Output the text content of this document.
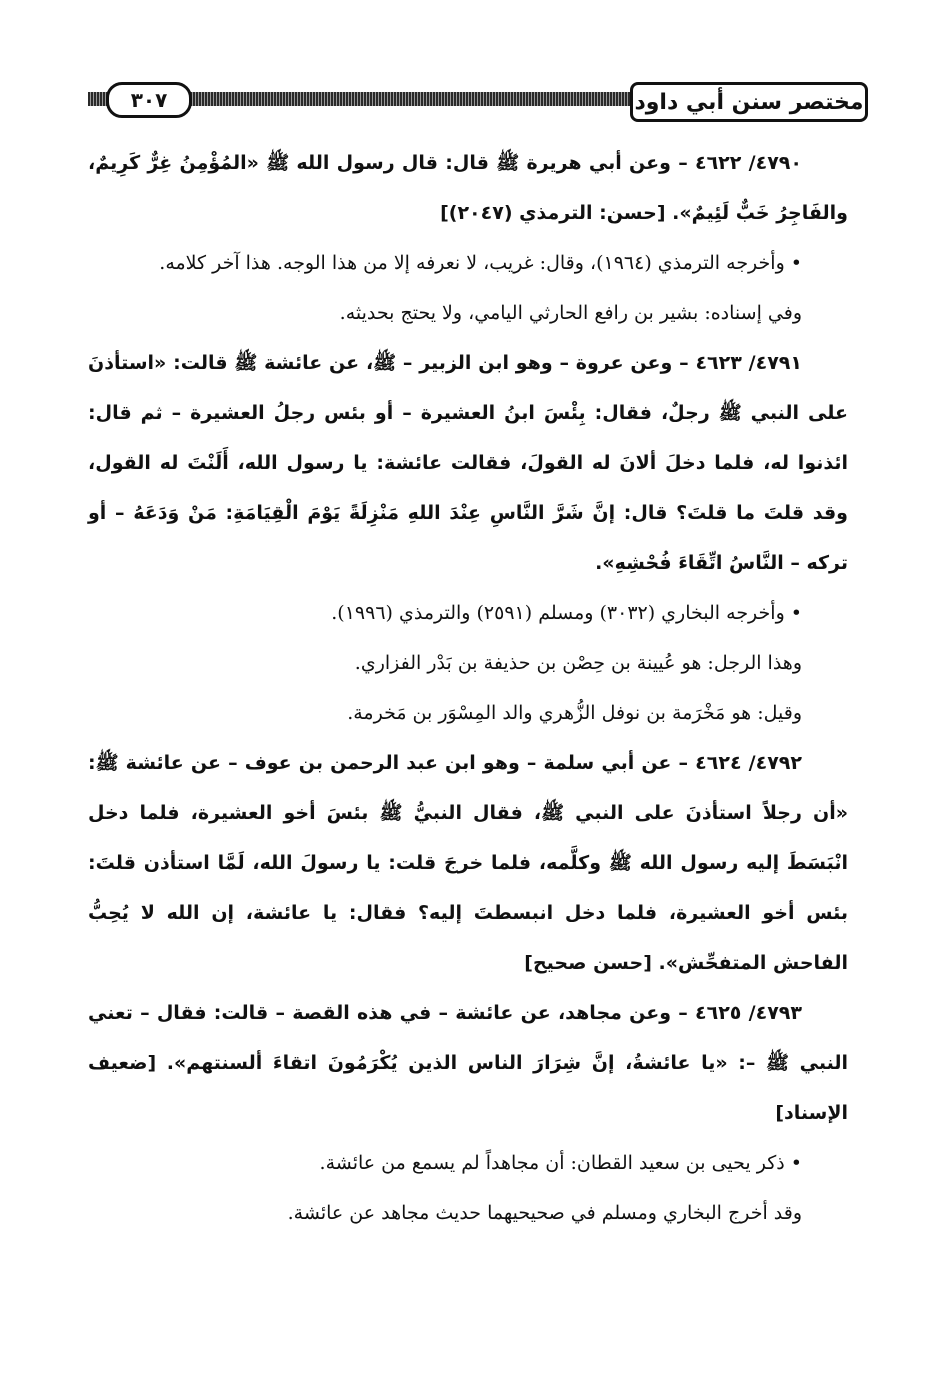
مختصر سنن أبي داود
٣٠٧

٤٧٩٠/ ٤٦٢٢ – وعن أبي هريرة ﷺ قال: قال رسول الله ﷺ «المُؤْمِنُ غِرٌّ كَرِيمٌ، والفَاجِرُ خَبٌّ لَئِيمٌ». [حسن: الترمذي (٢٠٤٧)]

• وأخرجه الترمذي (١٩٦٤)، وقال: غريب، لا نعرفه إلا من هذا الوجه. هذا آخر كلامه.

وفي إسناده: بشير بن رافع الحارثي اليامي، ولا يحتج بحديثه.

٤٧٩١/ ٤٦٢٣ – وعن عروة – وهو ابن الزبير – ﷺ، عن عائشة ﷺ قالت: «استأذنَ على النبي ﷺ رجلٌ، فقال: بِئْسَ ابنُ العشيرة – أو بئس رجلُ العشيرة – ثم قال: ائذنوا له، فلما دخلَ ألانَ له القولَ، فقالت عائشة: يا رسول الله، أَلَنْتَ له القول، وقد قلتَ ما قلتَ؟ قال: إنَّ شَرَّ النَّاسِ عِنْدَ اللهِ مَنْزِلَةً يَوْمَ الْقِيَامَةِ: مَنْ وَدَعَهُ – أو تركه – النَّاسُ اتِّقَاءَ فُحْشِهِ».

• وأخرجه البخاري (٣٠٣٢) ومسلم (٢٥٩١) والترمذي (١٩٩٦).

وهذا الرجل: هو عُيينة بن حِصْن بن حذيفة بن بَدْر الفزاري.

وقيل: هو مَخْرَمة بن نوفل الزُّهري والد المِسْوَر بن مَخرمة.

٤٧٩٢/ ٤٦٢٤ – عن أبي سلمة – وهو ابن عبد الرحمن بن عوف – عن عائشة ﷺ: «أن رجلاً استأذنَ على النبي ﷺ، فقال النبيُّ ﷺ بئسَ أخو العشيرة، فلما دخل انْبَسَطَ إليه رسول الله ﷺ وكلَّمه، فلما خرجَ قلت: يا رسولَ الله، لَمَّا استأذن قلتَ: بئس أخو العشيرة، فلما دخل انبسطتَ إليه؟ فقال: يا عائشة، إن الله لا يُحِبُّ الفاحش المتفحِّش». [حسن صحيح]

٤٧٩٣/ ٤٦٢٥ – وعن مجاهد، عن عائشة – في هذه القصة – قالت: فقال – تعني النبي ﷺ –: «يا عائشةُ، إنَّ شِرَارَ الناس الذين يُكْرَمُونَ اتقاءَ ألسنتهم». [ضعيف الإسناد]

• ذكر يحيى بن سعيد القطان: أن مجاهداً لم يسمع من عائشة.

وقد أخرج البخاري ومسلم في صحيحيهما حديث مجاهد عن عائشة.
